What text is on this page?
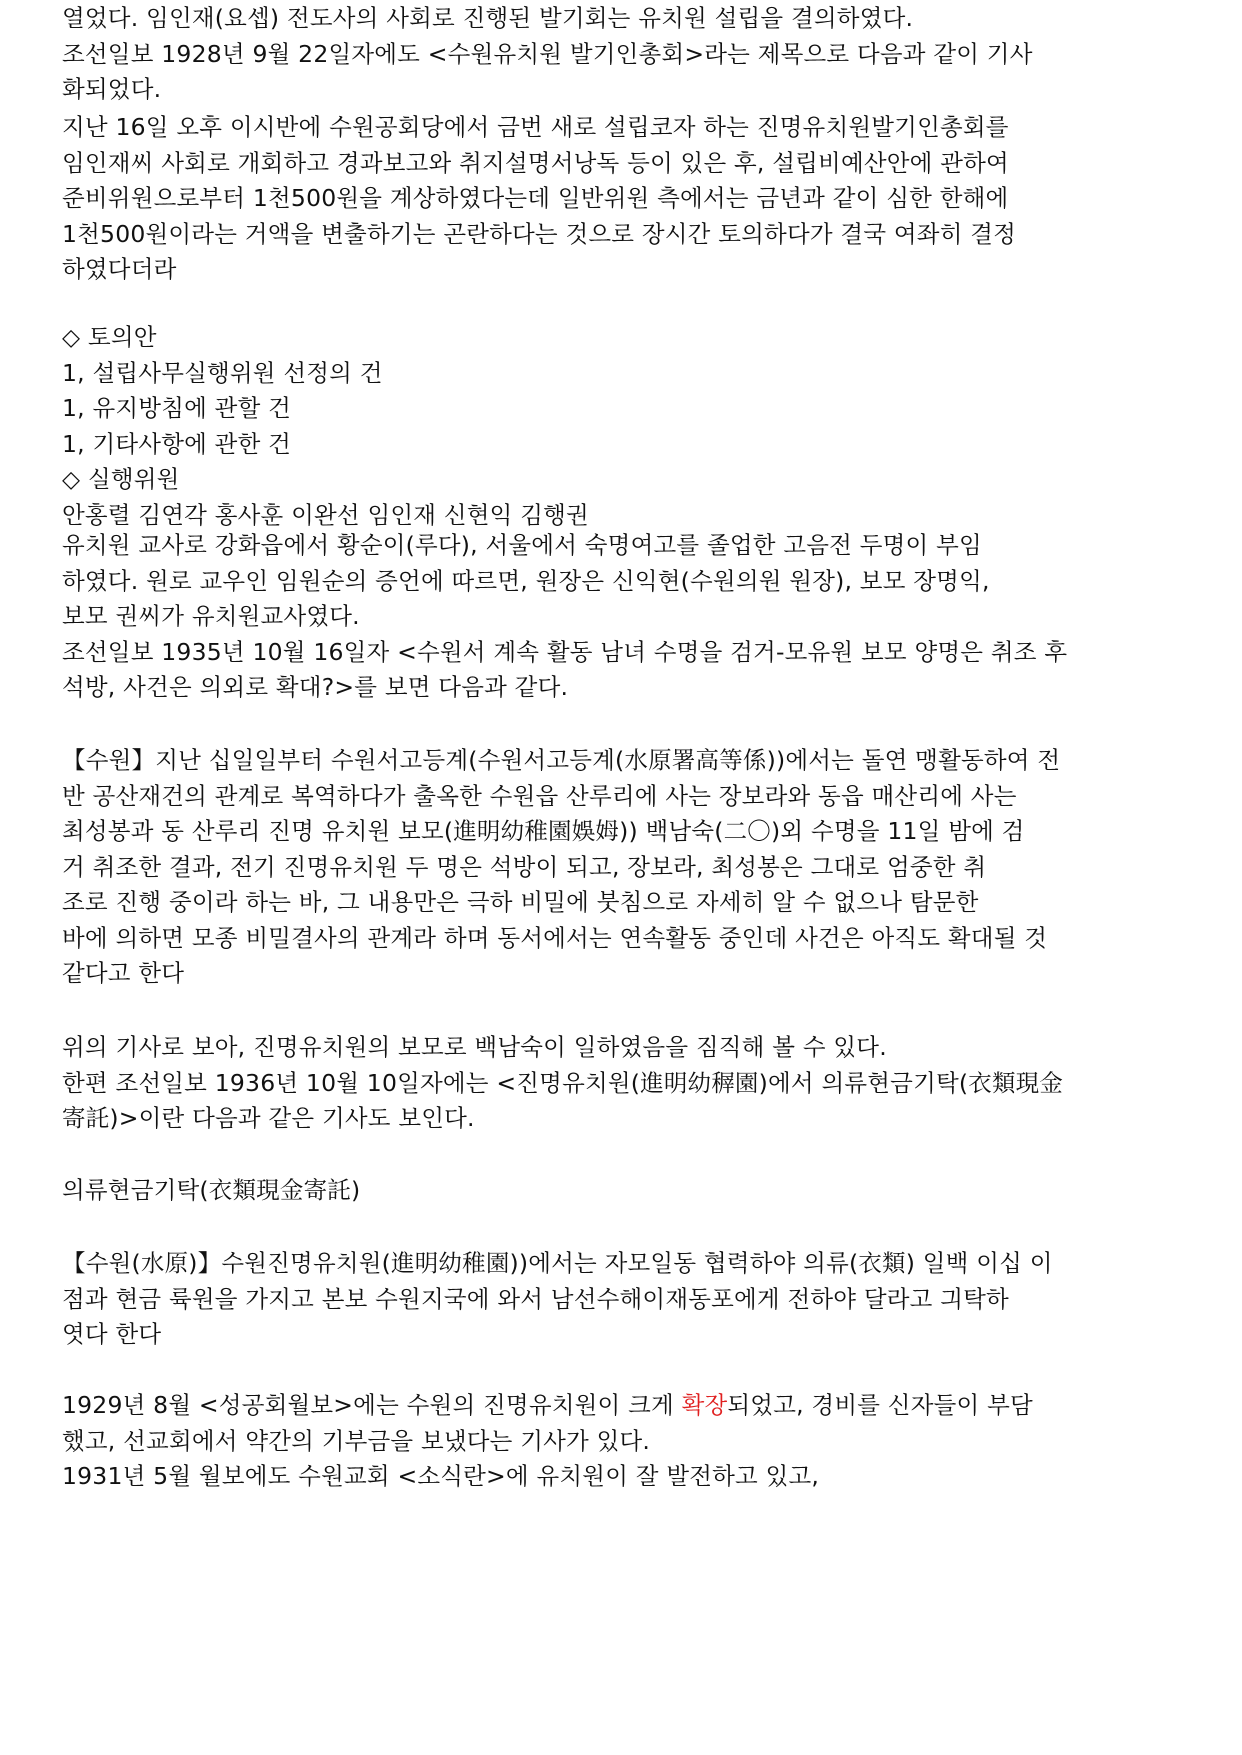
열었다. 임인재(요셉) 전도사의 사회로 진행된 발기회는 유치원 설립을 결의하였다.
조선일보 1928년 9월 22일자에도 <수원유치원 발기인총회>라는 제목으로 다음과 같이 기사
화되었다.
지난 16일 오후 이시반에 수원공회당에서 금번 새로 설립코자 하는 진명유치원발기인총회를
임인재씨 사회로 개회하고 경과보고와 취지설명서낭독 등이 있은 후, 설립비예산안에 관하여
준비위원으로부터 1천500원을 계상하였다는데 일반위원 측에서는 금년과 같이 심한 한해에
1천500원이라는 거액을 변출하기는 곤란하다는 것으로 장시간 토의하다가 결국 여좌히 결정
하였다더라
◇ 토의안
1, 설립사무실행위원 선정의 건
1, 유지방침에 관할 건
1, 기타사항에 관한 건
◇ 실행위원
안홍렬 김연각 홍사훈 이완선 임인재 신현익 김행권
유치원 교사로 강화읍에서 황순이(루다), 서울에서 숙명여고를 졸업한 고음전 두명이 부임
하였다. 원로 교우인 임원순의 증언에 따르면, 원장은 신익현(수원의원 원장), 보모 장명익,
보모 권씨가 유치원교사였다.
조선일보 1935년 10월 16일자 <수원서 계속 활동 남녀 수명을 검거-모유원 보모 양명은 취조 후
석방, 사건은 의외로 확대?>를 보면 다음과 같다.
【수원】지난 십일일부터 수원서고등계(수원서고등계(水原署高等係))에서는 돌연 맹활동하여 전
반 공산재건의 관계로 복역하다가 출옥한 수원읍 산루리에 사는 장보라와 동읍 매산리에 사는
최성봉과 동 산루리 진명 유치원 보모(進明幼稚園娛姆)) 백남숙(二〇)외 수명을 11일 밤에 검
거 취조한 결과, 전기 진명유치원 두 명은 석방이 되고, 장보라, 최성봉은 그대로 엄중한 취
조로 진행 중이라 하는 바, 그 내용만은 극하 비밀에 붓침으로 자세히 알 수 없으나 탐문한
바에 의하면 모종 비밀결사의 관계라 하며 동서에서는 연속활동 중인데 사건은 아직도 확대될 것
같다고 한다
위의 기사로 보아, 진명유치원의 보모로 백남숙이 일하였음을 짐직해 볼 수 있다.
한편 조선일보 1936년 10월 10일자에는 <진명유치원(進明幼稺園)에서 의류현금기탁(衣類現金
寄託)>이란 다음과 같은 기사도 보인다.
의류현금기탁(衣類現金寄託)
【수원(水原)】수원진명유치원(進明幼稚園))에서는 자모일동 협력하야 의류(衣類) 일백 이십 이
점과 현금 륙원을 가지고 본보 수원지국에 와서 남선수해이재동포에게 전하야 달라고 긔탁하
엿다 한다
1929년 8월 <성공회월보>에는 수원의 진명유치원이 크게 확장되었고, 경비를 신자들이 부담
했고, 선교회에서 약간의 기부금을 보냈다는 기사가 있다.
1931년 5월 월보에도 수원교회 <소식란>에 유치원이 잘 발전하고 있고,
